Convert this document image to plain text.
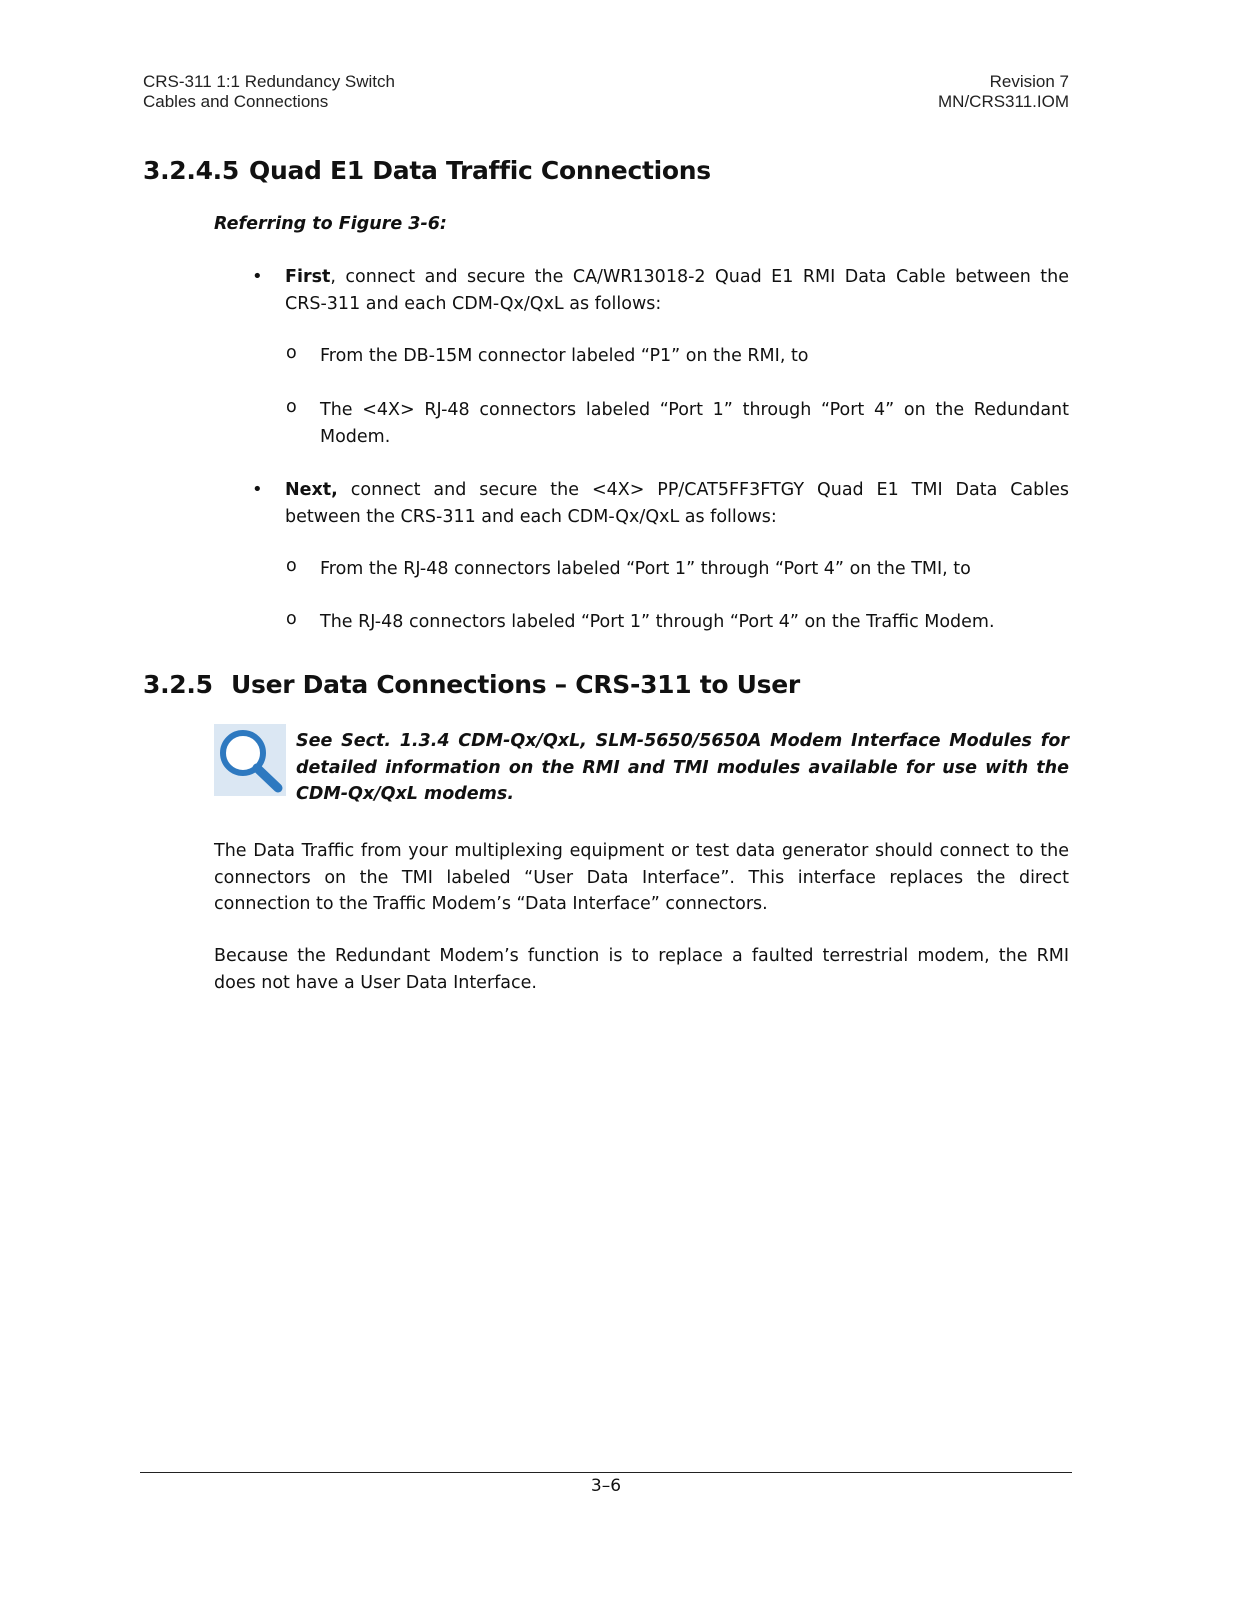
CRS-311 1:1 Redundancy Switch
Cables and Connections
Revision 7
MN/CRS311.IOM
3.2.4.5 Quad E1 Data Traffic Connections
Referring to Figure 3-6:
• First, connect and secure the CA/WR13018-2 Quad E1 RMI Data Cable between the CRS-311 and each CDM-Qx/QxL as follows:
o From the DB-15M connector labeled “P1” on the RMI, to
o The <4X> RJ-48 connectors labeled “Port 1” through “Port 4” on the Redundant Modem.
• Next, connect and secure the <4X> PP/CAT5FF3FTGY Quad E1 TMI Data Cables between the CRS-311 and each CDM-Qx/QxL as follows:
o From the RJ-48 connectors labeled “Port 1” through “Port 4” on the TMI, to
o The RJ-48 connectors labeled “Port 1” through “Port 4” on the Traffic Modem.
3.2.5 User Data Connections – CRS-311 to User
See Sect. 1.3.4 CDM-Qx/QxL, SLM-5650/5650A Modem Interface Modules for detailed information on the RMI and TMI modules available for use with the CDM-Qx/QxL modems.
The Data Traffic from your multiplexing equipment or test data generator should connect to the connectors on the TMI labeled “User Data Interface”. This interface replaces the direct connection to the Traffic Modem’s “Data Interface” connectors.
Because the Redundant Modem’s function is to replace a faulted terrestrial modem, the RMI does not have a User Data Interface.
3–6
